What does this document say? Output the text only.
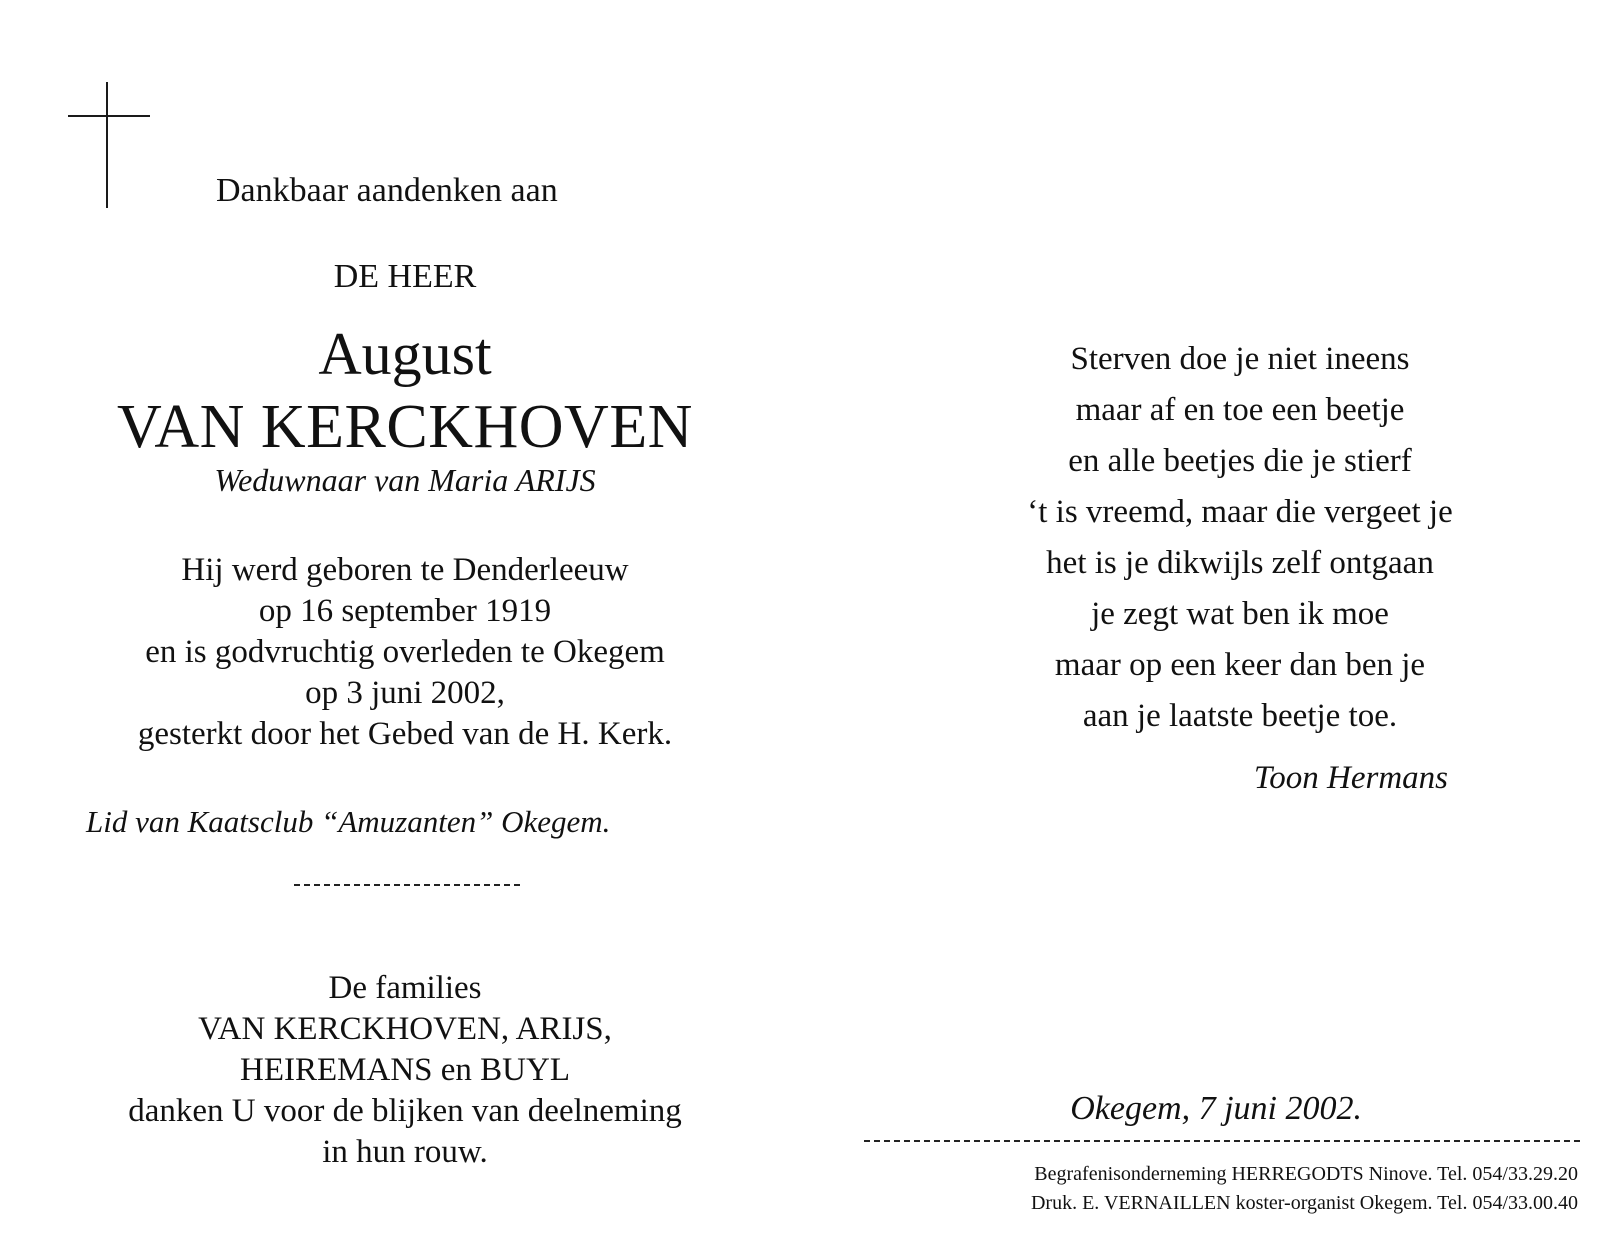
Dankbaar aandenken aan
DE HEER
August
VAN KERCKHOVEN
Weduwnaar van Maria ARIJS
Hij werd geboren te Denderleeuw
op 16 september 1919
en is godvruchtig overleden te Okegem
op 3 juni 2002,
gesterkt door het Gebed van de H. Kerk.
Lid van Kaatsclub “Amuzanten” Okegem.
De families
VAN KERCKHOVEN, ARIJS,
HEIREMANS en BUYL
danken U voor de blijken van deelneming
in hun rouw.
Sterven doe je niet ineens
maar af en toe een beetje
en alle beetjes die je stierf
‘t is vreemd, maar die vergeet je
het is je dikwijls zelf ontgaan
je zegt wat ben ik moe
maar op een keer dan ben je
aan je laatste beetje toe.
Toon Hermans
Okegem, 7 juni 2002.
Begrafenisonderneming HERREGODTS Ninove. Tel. 054/33.29.20
Druk. E. VERNAILLEN koster-organist Okegem. Tel. 054/33.00.40
